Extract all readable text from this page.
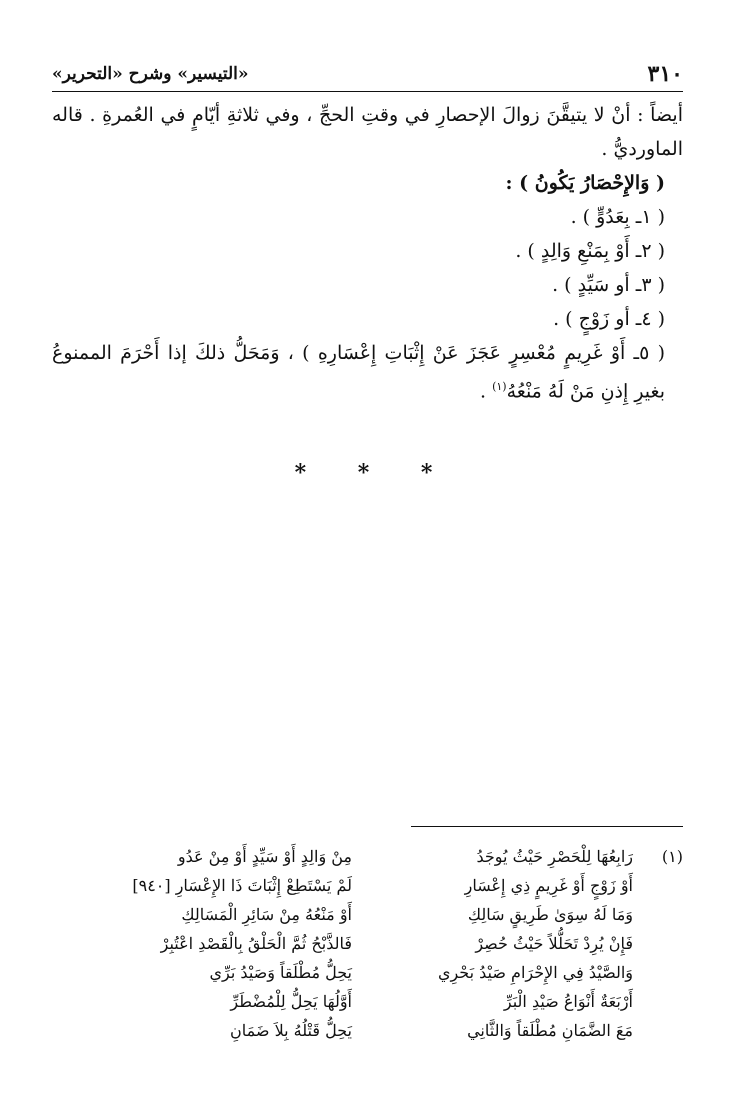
٣١٠
«التيسير» وشرح «التحرير»

أيضاً : أنْ لا يتيقَّنَ زوالَ الإحصارِ في وقتِ الحجِّ ، وفي ثلاثةِ أيّامٍ في العُمرةِ . قاله الماورديُّ .

( وَالإِحْصَارُ يَكُونُ ) :

( ١ـ بِعَدُوٍّ ) .

( ٢ـ أَوْ بِمَنْعِ وَالِدٍ ) .

( ٣ـ أو سَيِّدٍ ) .

( ٤ـ أو زَوْجٍ ) .

( ٥ـ أَوْ غَرِيمٍ مُعْسِرٍ عَجَزَ عَنْ إِثْبَاتِ إِعْسَارِهِ ) ، وَمَحَلُّ ذلكَ إذا أَحْرَمَ الممنوعُ بغيرِ إِذنِ مَنْ لَهُ مَنْعُهُ$^{(١)}$ .

* * *
(١)
رَابِعُهَا لِلْحَصْرِ حَيْثُ يُوجَدُ
أَوْ زَوْجٍ أَوْ غَرِيمٍ ذِي إِعْسَارِ
وَمَا لَهُ سِوَىٰ طَرِيقٍ سَالِكِ
فَإِنْ يُرِدْ تَحَلُّلاً حَيْثُ حُصِرْ
وَالصَّيْدُ فِي الإِحْرَامِ صَيْدُ بَحْرِي
أَرْبَعَةٌ أَنْوَاعُ صَيْدِ الْبَرِّ
مَعَ الضَّمَانِ مُطْلَقاً وَالثَّانِي
مِنْ وَالِدٍ أَوْ سَيِّدٍ أَوْ مِنْ عَدُو
لَمْ يَسْتَطِعْ إِثْبَاتَ ذَا الإِعْسَارِ [٩٤٠]
أَوْ مَنْعُهُ مِنْ سَائِرِ الْمَسَالِكِ
فَالذَّبْحُ ثُمَّ الْحَلْقُ بِالْقَصْدِ اعْتُبِرْ
يَحِلُّ مُطْلَقاً وَصَيْدُ بَرِّي
أَوَّلُهَا يَحِلُّ لِلْمُضْطَرِّ
يَحِلُّ قَتْلُهُ بِلاَ ضَمَانِ
